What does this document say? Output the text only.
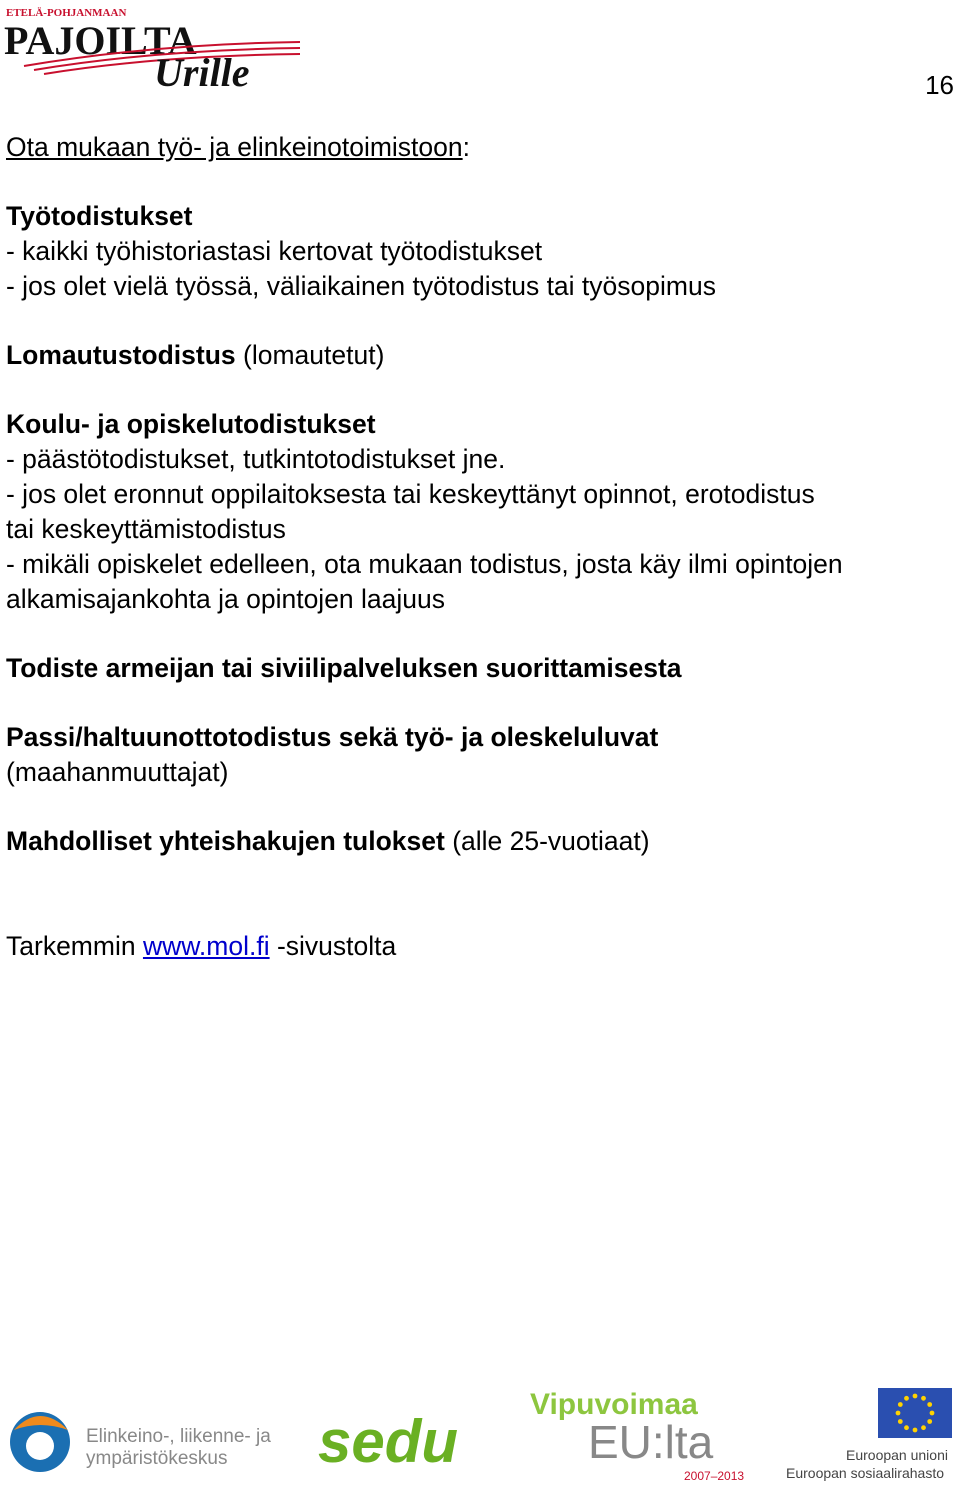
ETELÄ-POHJANMAAN
PAJOILTA
Urille	16

Ota mukaan työ- ja elinkeinotoimistoon:

Työtodistukset

- kaikki työhistoriastasi kertovat työtodistukset

- jos olet vielä työssä, väliaikainen työtodistus tai työsopimus

Lomautustodistus (lomautetut)

Koulu- ja opiskelutodistukset

- päästötodistukset, tutkintotodistukset jne.

- jos olet eronnut oppilaitoksesta tai keskeyttänyt opinnot, erotodistus

tai keskeyttämistodistus

- mikäli opiskelet edelleen, ota mukaan todistus, josta käy ilmi opintojen

alkamisajankohta ja opintojen laajuus

Todiste armeijan tai siviilipalveluksen suorittamisesta

Passi/haltuunottotodistus sekä työ- ja oleskeluluvat

(maahanmuuttajat)

Mahdolliset yhteishakujen tulokset (alle 25-vuotiaat)

Tarkemmin www.mol.fi -sivustolta

Elinkeino-, liikenne- ja
ympäristökeskus sedu
Vipuvoimaa
EU:lta
2007–2013
Euroopan unioni
Euroopan sosiaalirahasto
